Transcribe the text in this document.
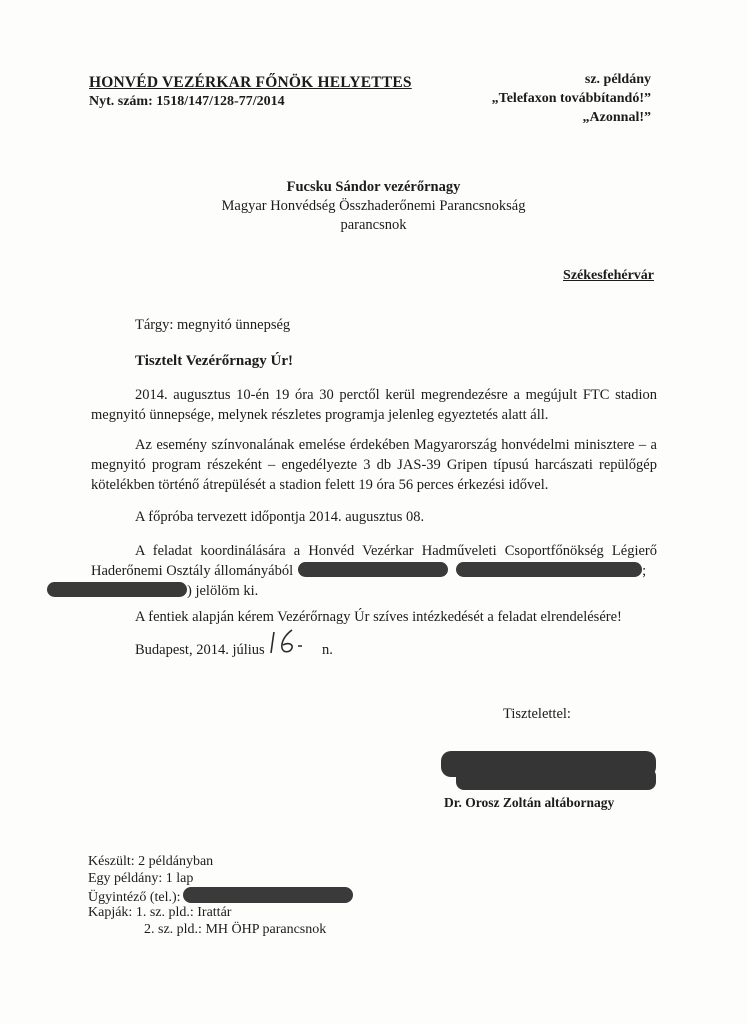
HONVÉD VEZÉRKAR FŐNÖK HELYETTES
Nyt. szám: 1518/147/128-77/2014
sz. példány
„Telefaxon továbbítandó!”
„Azonnal!”
Fucsku Sándor vezérőrnagy
Magyar Honvédség Összhaderőnemi Parancsnokság
parancsnok
Székesfehérvár
Tárgy: megnyitó ünnepség
Tisztelt Vezérőrnagy Úr!
2014. augusztus 10-én 19 óra 30 perctől kerül megrendezésre a megújult FTC stadion megnyitó ünnepsége, melynek részletes programja jelenleg egyeztetés alatt áll.
Az esemény színvonalának emelése érdekében Magyarország honvédelmi minisztere – a megnyitó program részeként – engedélyezte 3 db JAS-39 Gripen típusú harcászati repülőgép kötelékben történő átrepülését a stadion felett 19 óra 56 perces érkezési idővel.
A főpróba tervezett időpontja 2014. augusztus 08.
A feladat koordinálására a Honvéd Vezérkar Hadműveleti Csoportfőnökség Légierő Haderőnemi Osztály állományából	;
) jelölöm ki.
A fentiek alapján kérem Vezérőrnagy Úr szíves intézkedését a feladat elrendelésére!
Budapest, 2014. július	n.
Tisztelettel:
Dr. Orosz Zoltán altábornagy
Készült: 2 példányban
Egy példány: 1 lap
Ügyintéző (tel.):
Kapják: 1. sz. pld.: Irattár
2. sz. pld.: MH ÖHP parancsnok
